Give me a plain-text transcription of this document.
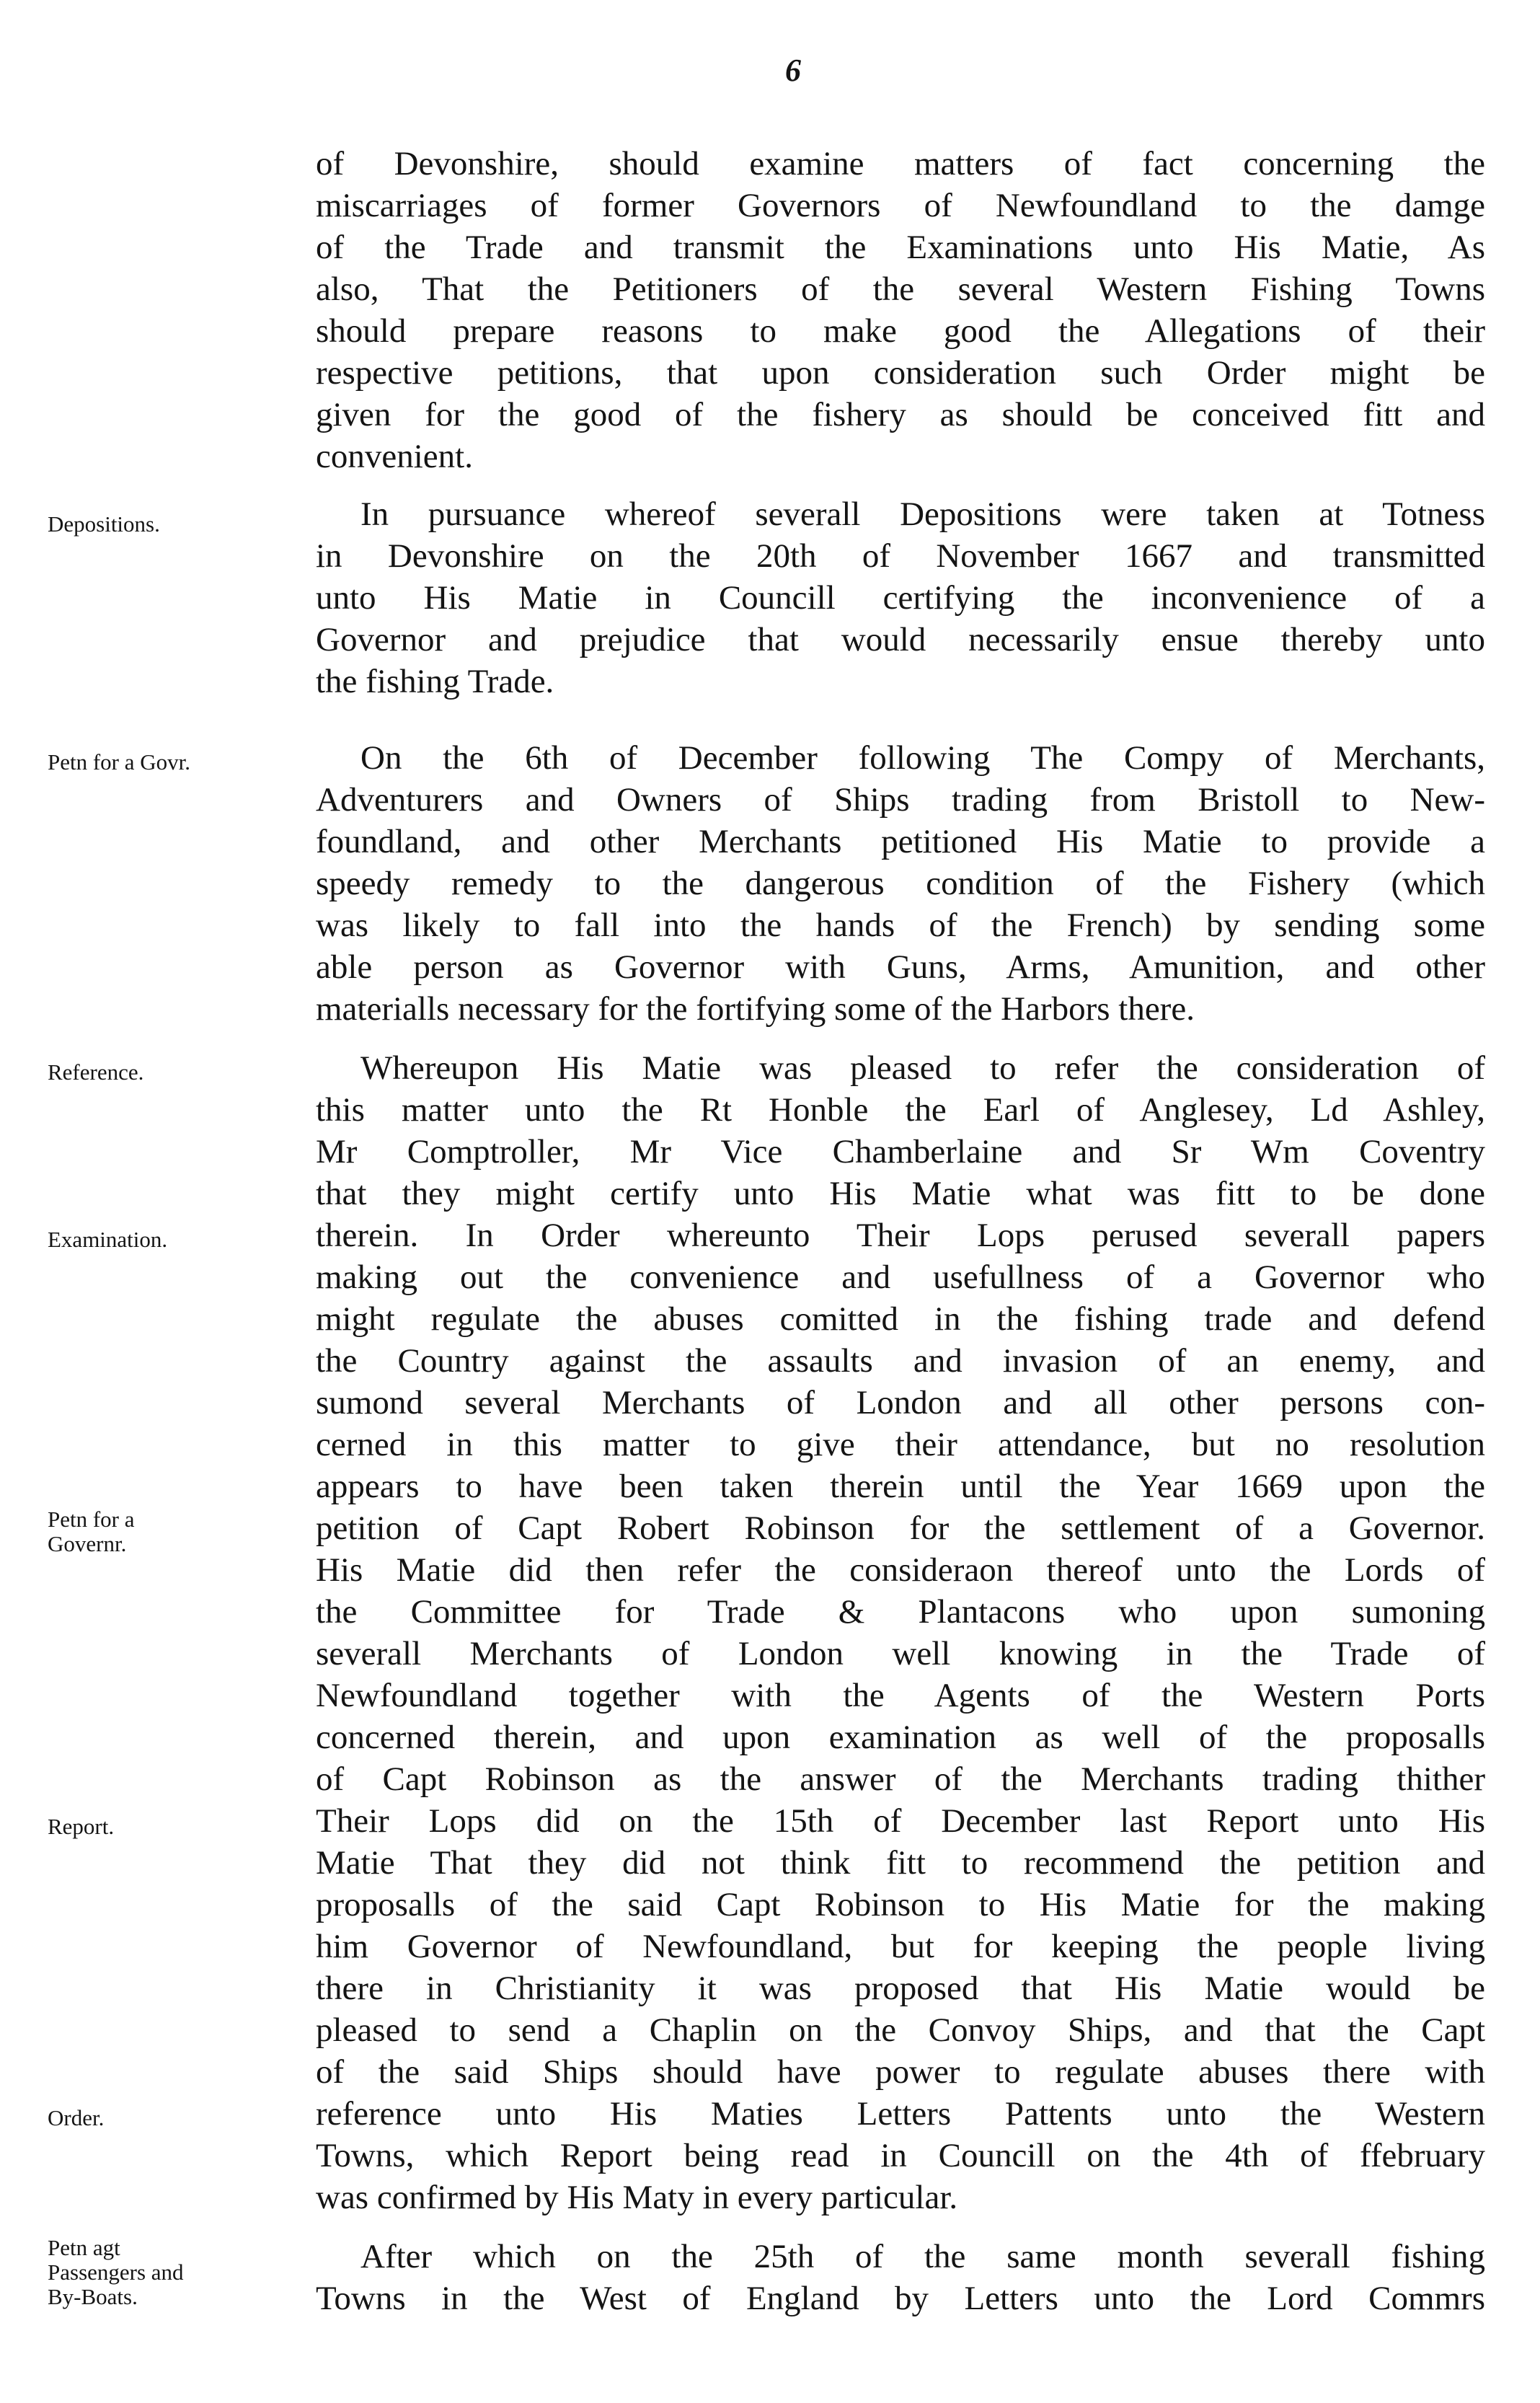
6
of Devonshire, should examine matters of fact concerning the
miscarriages of former Governors of Newfoundland to the damge
of the Trade and transmit the Examinations unto His Matie, As
also, That the Petitioners of the several Western Fishing Towns
should prepare reasons to make good the Allegations of their
respective petitions, that upon consideration such Order might be
given for the good of the fishery as should be conceived fitt and
convenient.
In pursuance whereof severall Depositions were taken at Totness
in Devonshire on the 20th of November 1667 and transmitted
unto His Matie in Councill certifying the inconvenience of a
Governor and prejudice that would necessarily ensue thereby unto
the fishing Trade.
On the 6th of December following The Compy of Merchants,
Adventurers and Owners of Ships trading from Bristoll to New-
foundland, and other Merchants petitioned His Matie to provide a
speedy remedy to the dangerous condition of the Fishery (which
was likely to fall into the hands of the French) by sending some
able person as Governor with Guns, Arms, Amunition, and other
materialls necessary for the fortifying some of the Harbors there.
Whereupon His Matie was pleased to refer the consideration of
this matter unto the Rt Honble the Earl of Anglesey, Ld Ashley,
Mr Comptroller, Mr Vice Chamberlaine and Sr Wm Coventry
that they might certify unto His Matie what was fitt to be done
therein. In Order whereunto Their Lops perused severall papers
making out the convenience and usefullness of a Governor who
might regulate the abuses comitted in the fishing trade and defend
the Country against the assaults and invasion of an enemy, and
sumond several Merchants of London and all other persons con-
cerned in this matter to give their attendance, but no resolution
appears to have been taken therein until the Year 1669 upon the
petition of Capt Robert Robinson for the settlement of a Governor.
His Matie did then refer the consideraon thereof unto the Lords of
the Committee for Trade & Plantacons who upon sumoning
severall Merchants of London well knowing in the Trade of
Newfoundland together with the Agents of the Western Ports
concerned therein, and upon examination as well of the proposalls
of Capt Robinson as the answer of the Merchants trading thither
Their Lops did on the 15th of December last Report unto His
Matie That they did not think fitt to recommend the petition and
proposalls of the said Capt Robinson to His Matie for the making
him Governor of Newfoundland, but for keeping the people living
there in Christianity it was proposed that His Matie would be
pleased to send a Chaplin on the Convoy Ships, and that the Capt
of the said Ships should have power to regulate abuses there with
reference unto His Maties Letters Pattents unto the Western
Towns, which Report being read in Councill on the 4th of ffebruary
was confirmed by His Maty in every particular.
After which on the 25th of the same month severall fishing
Towns in the West of England by Letters unto the Lord Commrs
Depositions.
Petn for a Govr.
Reference.
Examination.
Petn for a
Governr.
Report.
Order.
Petn agt
Passengers and
By-Boats.
